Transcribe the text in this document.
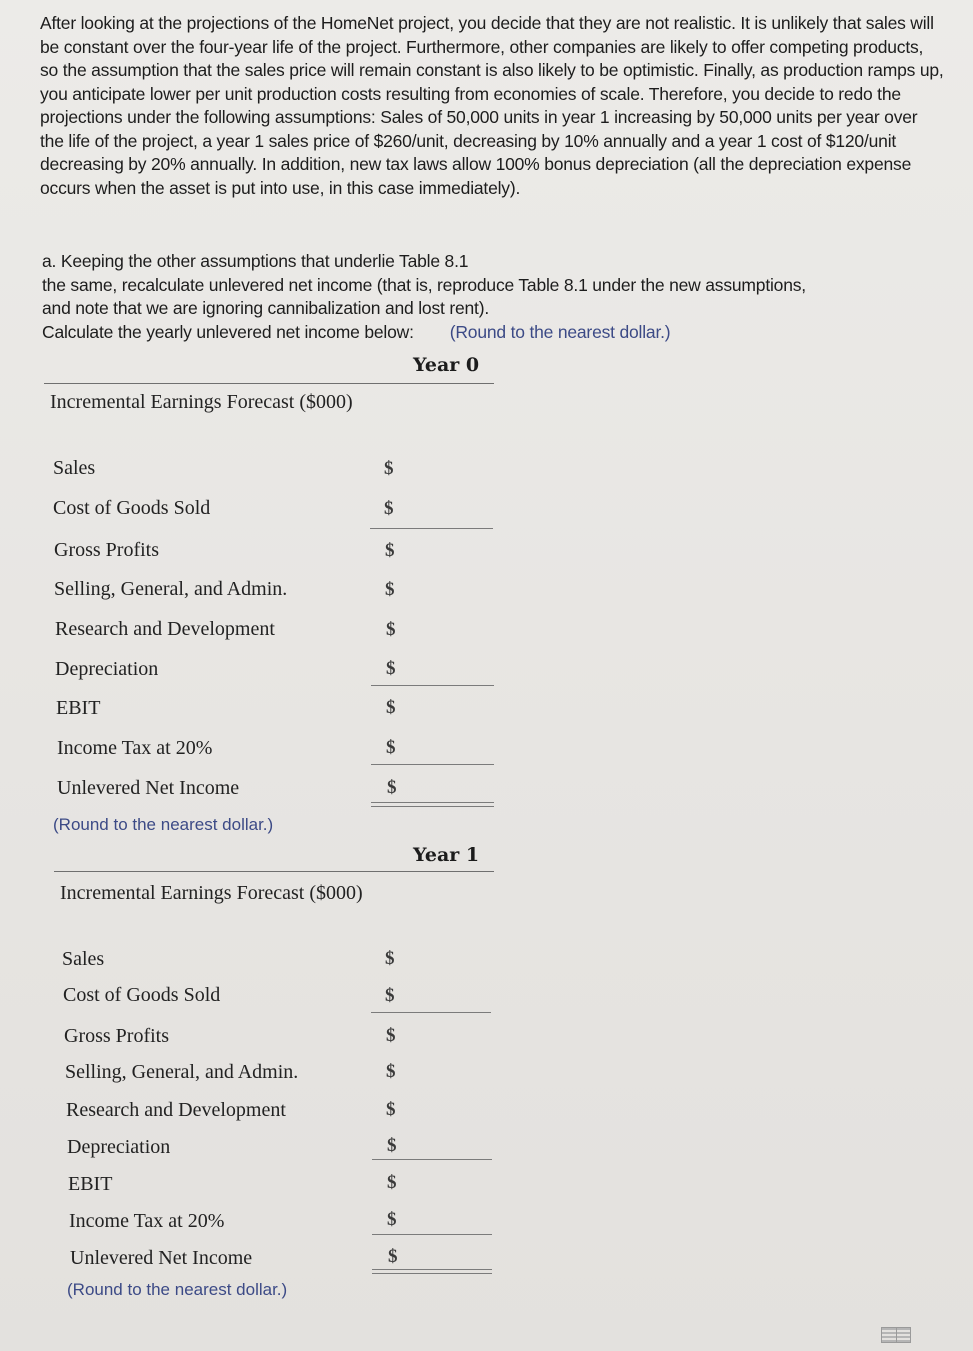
After looking at the projections of the HomeNet project, you decide that they are not realistic. It is unlikely that sales will be constant over the four-year life of the project. Furthermore, other companies are likely to offer competing products, so the assumption that the sales price will remain constant is also likely to be optimistic. Finally, as production ramps up, you anticipate lower per unit production costs resulting from economies of scale. Therefore, you decide to redo the projections under the following assumptions: Sales of 50,000 units in year 1 increasing by 50,000 units per year over the life of the project, a year 1 sales price of $260/unit, decreasing by 10% annually and a year 1 cost of $120/unit decreasing by 20% annually. In addition, new tax laws allow 100% bonus depreciation (all the depreciation expense occurs when the asset is put into use, in this case immediately).

a. Keeping the other assumptions that underlie Table 8.1

the same, recalculate unlevered net income (that is, reproduce Table 8.1 under the new assumptions,

and note that we are ignoring cannibalization and lost rent).

Calculate the yearly unlevered net income below: (Round to the nearest dollar.)

Year 0
Incremental Earnings Forecast ($000)
Sales	$
Cost of Goods Sold	$
Gross Profits	$
Selling, General, and Admin.	$
Research and Development	$
Depreciation	$
EBIT	$
Income Tax at 20%	$
Unlevered Net Income	$
(Round to the nearest dollar.)
Year 1
Incremental Earnings Forecast ($000)
Sales	$
Cost of Goods Sold	$
Gross Profits	$
Selling, General, and Admin.	$
Research and Development	$
Depreciation	$
EBIT	$
Income Tax at 20%	$
Unlevered Net Income	$
(Round to the nearest dollar.)
